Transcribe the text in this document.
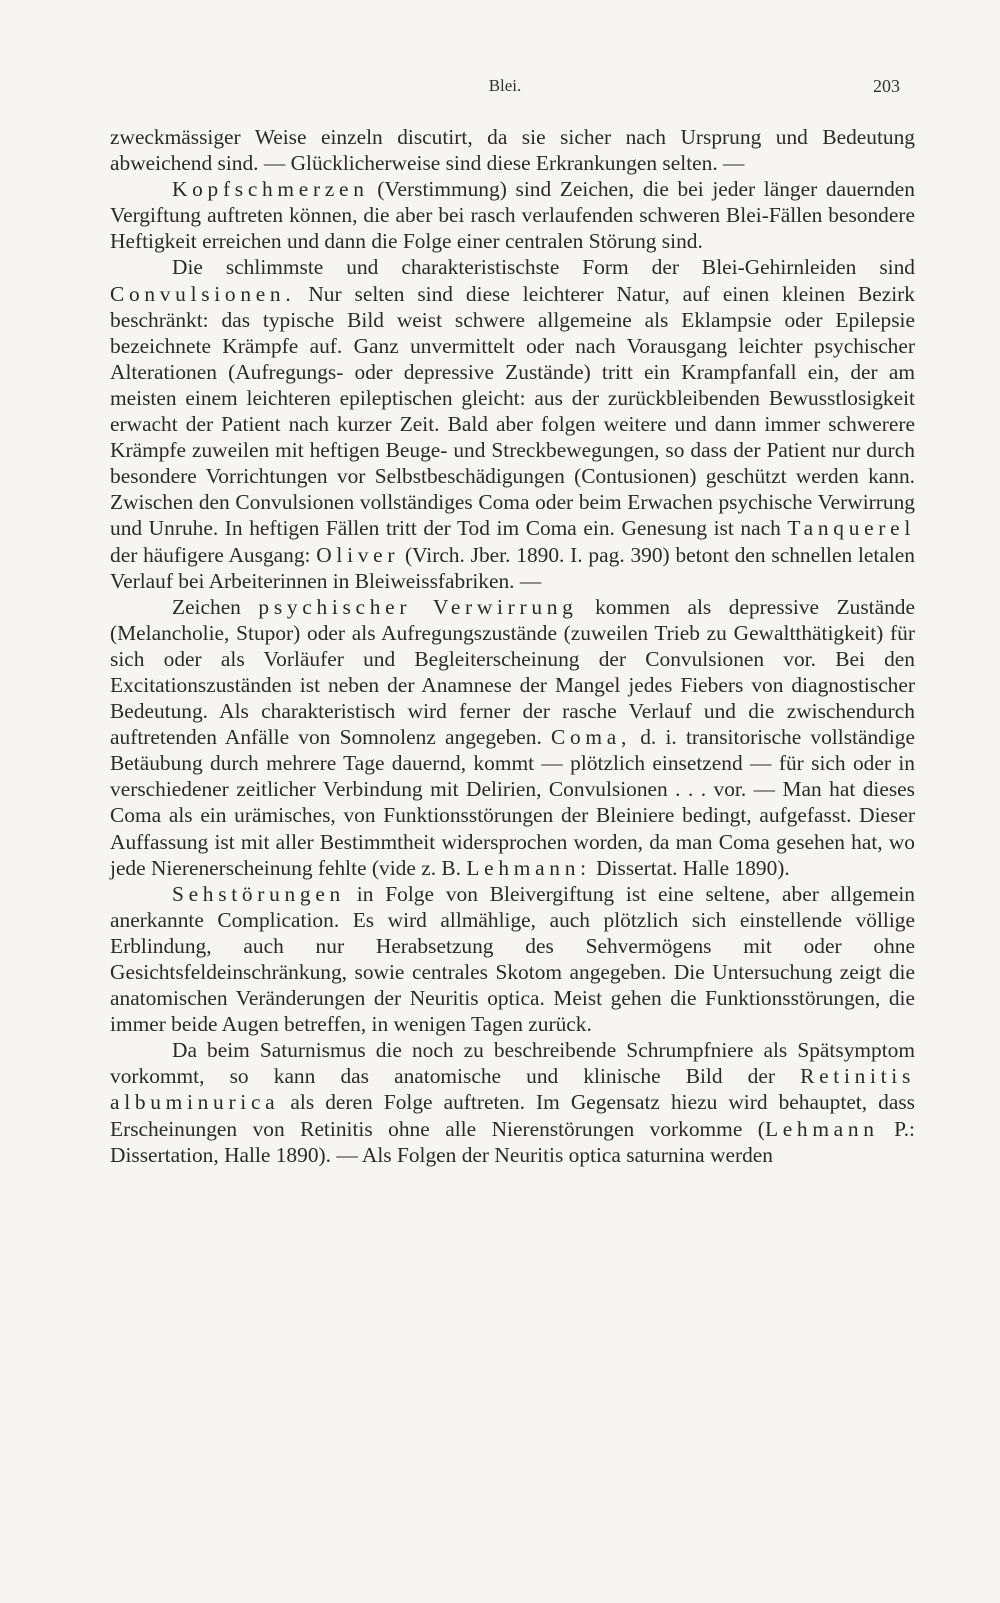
Blei.	203

zweckmässiger Weise einzeln discutirt, da sie sicher nach Ursprung und Bedeutung abweichend sind. — Glücklicherweise sind diese Erkrankungen selten. —

Kopfschmerzen (Verstimmung) sind Zeichen, die bei jeder länger dauernden Vergiftung auftreten können, die aber bei rasch verlaufenden schweren Blei-Fällen besondere Heftigkeit erreichen und dann die Folge einer centralen Störung sind.

Die schlimmste und charakteristischste Form der Blei-Gehirnleiden sind Convulsionen. Nur selten sind diese leichterer Natur, auf einen kleinen Bezirk beschränkt: das typische Bild weist schwere allgemeine als Eklampsie oder Epilepsie bezeichnete Krämpfe auf. Ganz unvermittelt oder nach Vorausgang leichter psychischer Alterationen (Aufregungs- oder depressive Zustände) tritt ein Krampfanfall ein, der am meisten einem leichteren epileptischen gleicht: aus der zurückbleibenden Bewusstlosigkeit erwacht der Patient nach kurzer Zeit. Bald aber folgen weitere und dann immer schwerere Krämpfe zuweilen mit heftigen Beuge- und Streckbewegungen, so dass der Patient nur durch besondere Vorrichtungen vor Selbstbeschädigungen (Contusionen) geschützt werden kann. Zwischen den Convulsionen vollständiges Coma oder beim Erwachen psychische Verwirrung und Unruhe. In heftigen Fällen tritt der Tod im Coma ein. Genesung ist nach Tanquerel der häufigere Ausgang: Oliver (Virch. Jber. 1890. I. pag. 390) betont den schnellen letalen Verlauf bei Arbeiterinnen in Bleiweissfabriken. —

Zeichen psychischer Verwirrung kommen als depressive Zustände (Melancholie, Stupor) oder als Aufregungszustände (zuweilen Trieb zu Gewaltthätigkeit) für sich oder als Vorläufer und Begleiterscheinung der Convulsionen vor. Bei den Excitationszuständen ist neben der Anamnese der Mangel jedes Fiebers von diagnostischer Bedeutung. Als charakteristisch wird ferner der rasche Verlauf und die zwischendurch auftretenden Anfälle von Somnolenz angegeben. Coma, d. i. transitorische vollständige Betäubung durch mehrere Tage dauernd, kommt — plötzlich einsetzend — für sich oder in verschiedener zeitlicher Verbindung mit Delirien, Convulsionen . . . vor. — Man hat dieses Coma als ein urämisches, von Funktionsstörungen der Bleiniere bedingt, aufgefasst. Dieser Auffassung ist mit aller Bestimmtheit widersprochen worden, da man Coma gesehen hat, wo jede Nierenerscheinung fehlte (vide z. B. Lehmann: Dissertat. Halle 1890).

Sehstörungen in Folge von Bleivergiftung ist eine seltene, aber allgemein anerkannte Complication. Es wird allmählige, auch plötzlich sich einstellende völlige Erblindung, auch nur Herabsetzung des Sehvermögens mit oder ohne Gesichtsfeldeinschränkung, sowie centrales Skotom angegeben. Die Untersuchung zeigt die anatomischen Veränderungen der Neuritis optica. Meist gehen die Funktionsstörungen, die immer beide Augen betreffen, in wenigen Tagen zurück.

Da beim Saturnismus die noch zu beschreibende Schrumpfniere als Spätsymptom vorkommt, so kann das anatomische und klinische Bild der Retinitis albuminurica als deren Folge auftreten. Im Gegensatz hiezu wird behauptet, dass Erscheinungen von Retinitis ohne alle Nierenstörungen vorkomme (Lehmann P.: Dissertation, Halle 1890). — Als Folgen der Neuritis optica saturnina werden
